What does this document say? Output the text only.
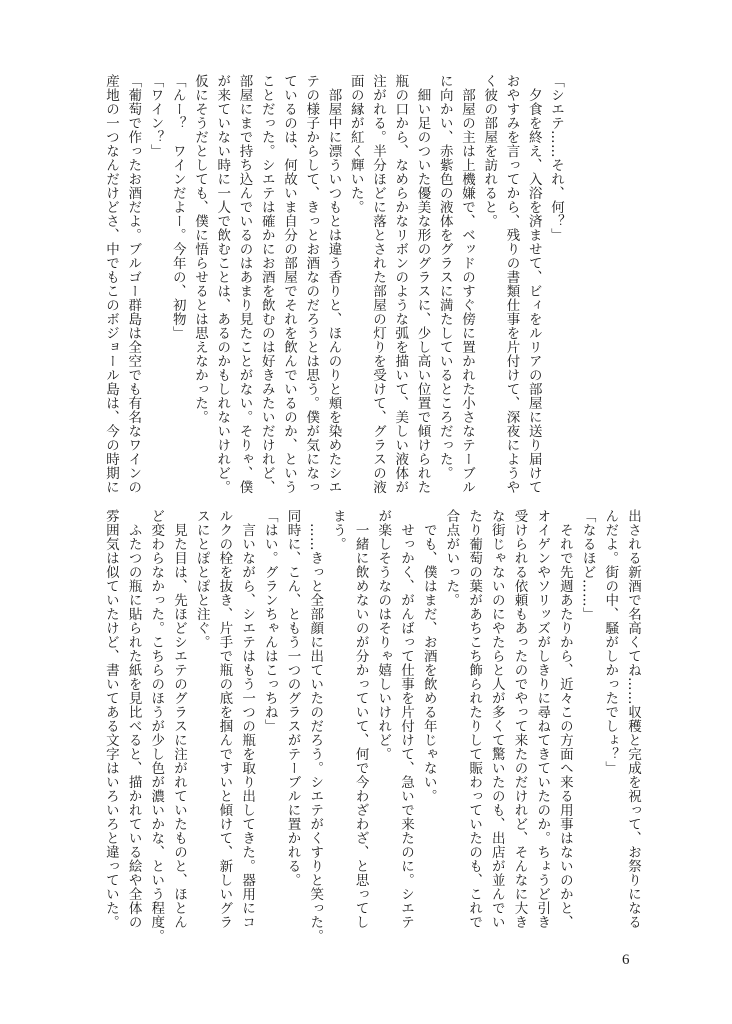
「シエテ……それ、何？」
　夕食を終え、入浴を済ませて、ビィをルリアの部屋に送り届けて
おやすみを言ってから、残りの書類仕事を片付けて、深夜にようや
く彼の部屋を訪れると。
　部屋の主は上機嫌で、ベッドのすぐ傍に置かれた小さなテーブル
に向かい、赤紫色の液体をグラスに満たしているところだった。
　細い足のついた優美な形のグラスに、少し高い位置で傾けられた
瓶の口から、なめらかなリボンのような弧を描いて、美しい液体が
注がれる。半分ほどに落とされた部屋の灯りを受けて、グラスの液
面の縁が紅く輝いた。
　部屋中に漂ういつもとは違う香りと、ほんのりと頬を染めたシエ
テの様子からして、きっとお酒なのだろうとは思う。僕が気になっ
ているのは、何故いま自分の部屋でそれを飲んでいるのか、という
ことだった。シエテは確かにお酒を飲むのは好きみたいだけれど、
部屋にまで持ち込んでいるのはあまり見たことがない。そりゃ、僕
が来ていない時に一人で飲むことは、あるのかもしれないけれど。
仮にそうだとしても、僕に悟らせるとは思えなかった。
「んー？　ワインだよー。今年の、初物」
「ワイン？」
「葡萄で作ったお酒だよ。ブルゴー群島は全空でも有名なワインの
産地の一つなんだけどさ、中でもこのボジョール島は、今の時期に
出される新酒で名高くてね……収穫と完成を祝って、お祭りになる
んだよ。街の中、騒がしかったでしょ？」
「なるほど……」
　それで先週あたりから、近々この方面へ来る用事はないのかと、
オイゲンやソリッズがしきりに尋ねてきていたのか。ちょうど引き
受けられる依頼もあったのでやって来たのだけれど、そんなに大き
な街じゃないのにやたらと人が多くて驚いたのも、出店が並んでい
たり葡萄の葉があちこち飾られたりして賑わっていたのも、これで
合点がいった。
　でも、僕はまだ、お酒を飲める年じゃない。
　せっかく、がんばって仕事を片付けて、急いで来たのに。シエテ
が楽しそうなのはそりゃ嬉しいけれど。
　一緒に飲めないのが分かっていて、何で今わざわざ、と思ってし
まう。
　……きっと全部顔に出ていたのだろう。シエテがくすりと笑った。
同時に、こん、ともう一つのグラスがテーブルに置かれる。
「はい。グランちゃんはこっちね」
　言いながら、シエテはもう一つの瓶を取り出してきた。器用にコ
ルクの栓を抜き、片手で瓶の底を掴んですいと傾けて、新しいグラ
スにとぽとぽと注ぐ。
　見た目は、先ほどシエテのグラスに注がれていたものと、ほとん
ど変わらなかった。こちらのほうが少し色が濃いかな、という程度。
　ふたつの瓶に貼られた紙を見比べると、描かれている絵や全体の
雰囲気は似ていたけど、書いてある文字はいろいろと違っていた。
6
